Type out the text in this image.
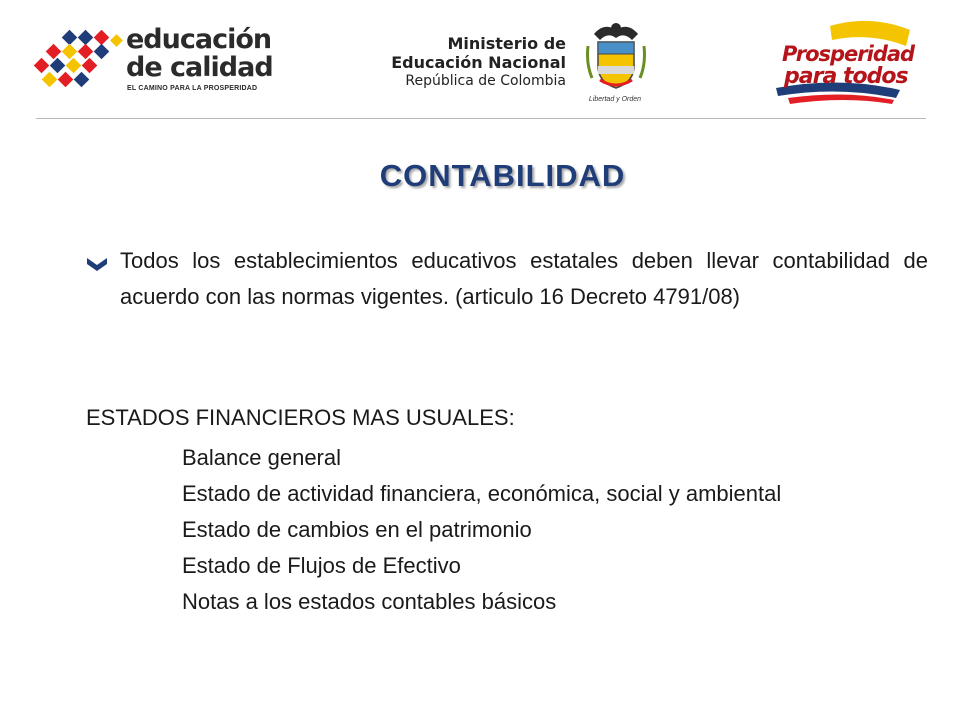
educación
de calidad
EL CAMINO PARA LA PROSPERIDAD
Ministerio de
Educación Nacional
República de Colombia
Libertad y Orden
Prosperidad
para todos
CONTABILIDAD

Todos los establecimientos educativos estatales deben llevar contabilidad de acuerdo con las normas vigentes. (articulo 16 Decreto 4791/08)

ESTADOS FINANCIEROS MAS USUALES:

Balance general
Estado de actividad financiera, económica, social y ambiental
Estado de cambios en el patrimonio
Estado de Flujos de Efectivo
Notas a los estados contables básicos
